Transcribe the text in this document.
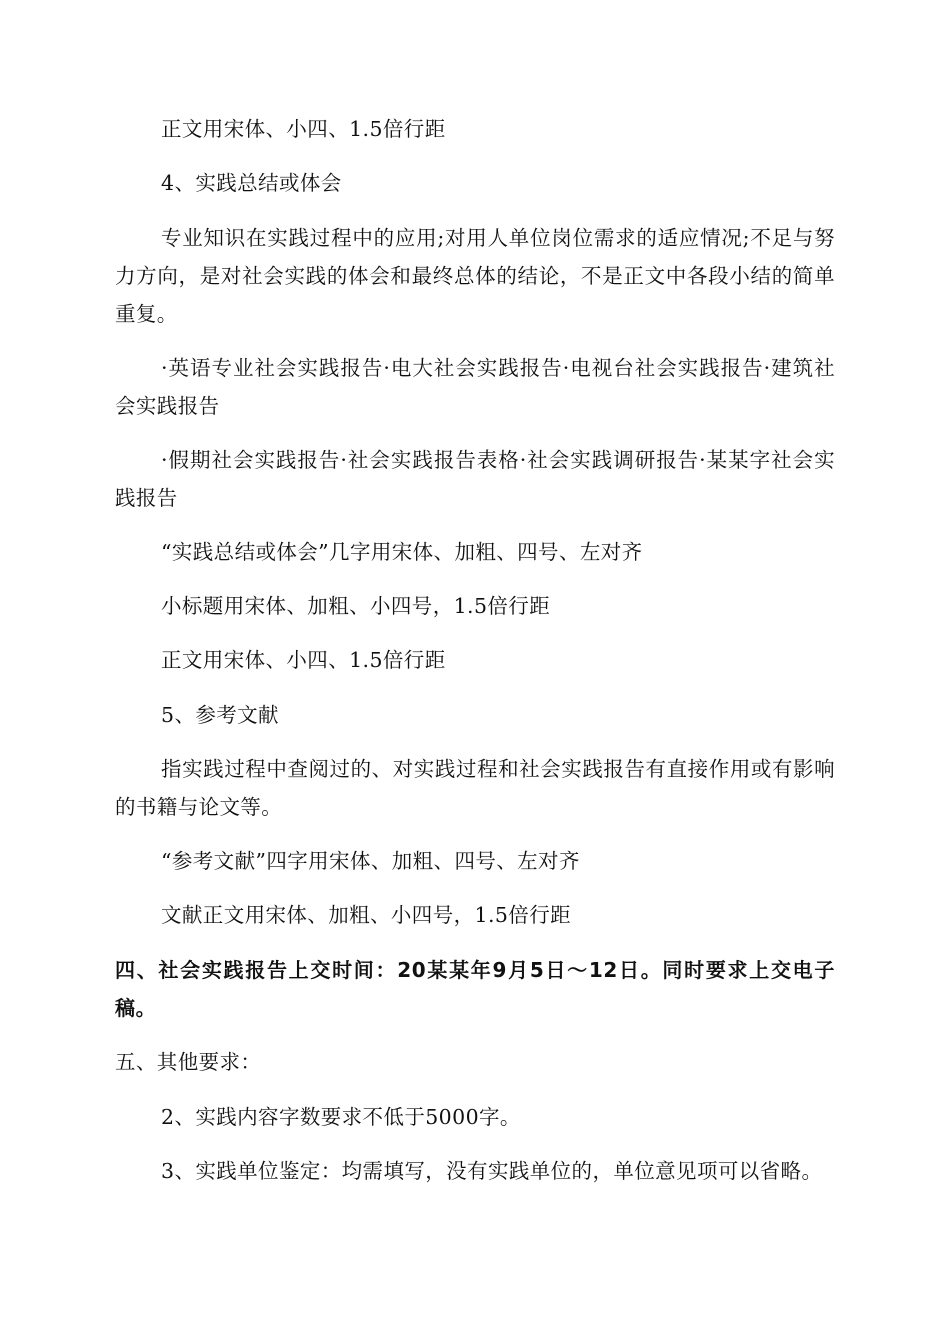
正文用宋体、小四、1.5倍行距
4、实践总结或体会
专业知识在实践过程中的应用;对用人单位岗位需求的适应情况;不足与努力方向，是对社会实践的体会和最终总体的结论，不是正文中各段小结的简单重复。
·英语专业社会实践报告·电大社会实践报告·电视台社会实践报告·建筑社会实践报告
·假期社会实践报告·社会实践报告表格·社会实践调研报告·某某字社会实践报告
“实践总结或体会”几字用宋体、加粗、四号、左对齐
小标题用宋体、加粗、小四号，1.5倍行距
正文用宋体、小四、1.5倍行距
5、参考文献
指实践过程中查阅过的、对实践过程和社会实践报告有直接作用或有影响的书籍与论文等。
“参考文献”四字用宋体、加粗、四号、左对齐
文献正文用宋体、加粗、小四号，1.5倍行距
四、社会实践报告上交时间：20某某年9月5日～12日。同时要求上交电子稿。
五、其他要求：
2、实践内容字数要求不低于5000字。
3、实践单位鉴定：均需填写，没有实践单位的，单位意见项可以省略。
